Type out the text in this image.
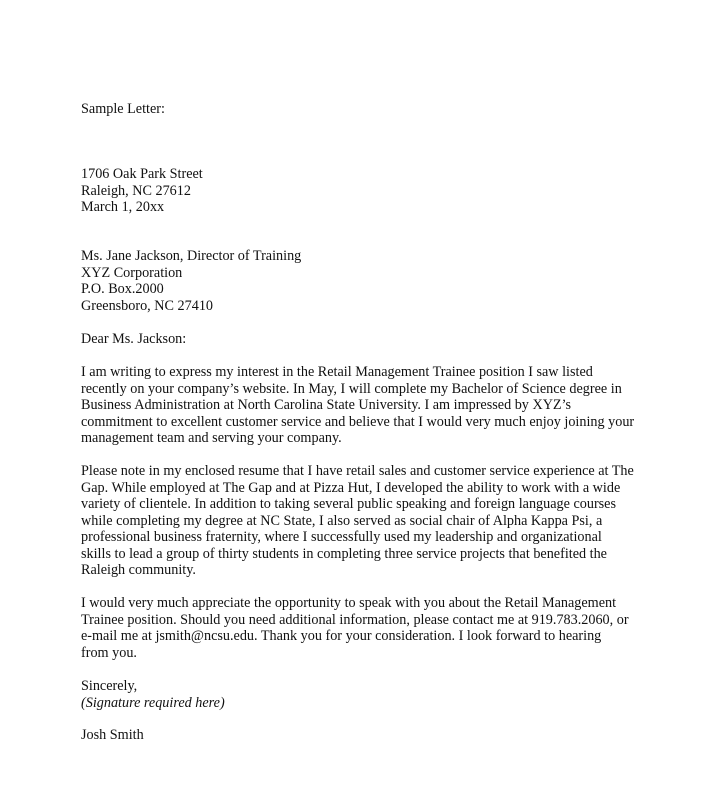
Sample Letter:
1706 Oak Park Street
Raleigh, NC 27612
March 1, 20xx
Ms. Jane Jackson, Director of Training
XYZ Corporation
P.O. Box.2000
Greensboro, NC 27410
Dear Ms. Jackson:
I am writing to express my interest in the Retail Management Trainee position I saw listed
recently on your company’s website. In May, I will complete my Bachelor of Science degree in
Business Administration at North Carolina State University. I am impressed by XYZ’s
commitment to excellent customer service and believe that I would very much enjoy joining your
management team and serving your company.
Please note in my enclosed resume that I have retail sales and customer service experience at The
Gap. While employed at The Gap and at Pizza Hut, I developed the ability to work with a wide
variety of clientele. In addition to taking several public speaking and foreign language courses
while completing my degree at NC State, I also served as social chair of Alpha Kappa Psi, a
professional business fraternity, where I successfully used my leadership and organizational
skills to lead a group of thirty students in completing three service projects that benefited the
Raleigh community.
I would very much appreciate the opportunity to speak with you about the Retail Management
Trainee position. Should you need additional information, please contact me at 919.783.2060, or
e-mail me at jsmith@ncsu.edu. Thank you for your consideration. I look forward to hearing
from you.
Sincerely,
(Signature required here)
Josh Smith
